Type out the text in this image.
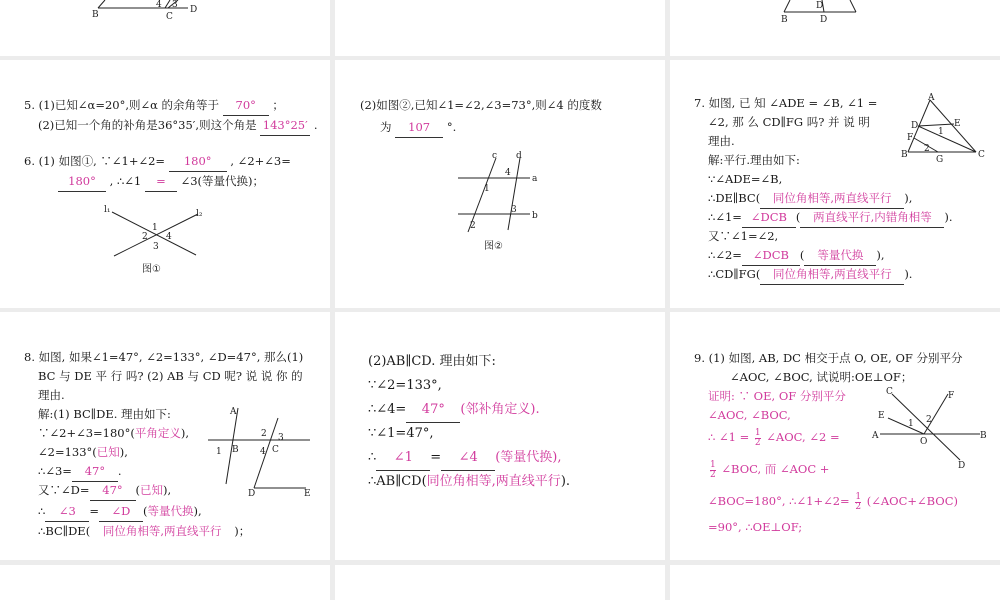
B
4 3
C
D
B
D
D
5. (1)已知∠α=20°,则∠α 的余角等于 70° ；
(2)已知一个角的补角是36°35′,则这个角是 143°25′ .
6. (1) 如图①, ∵∠1+∠2= 180° , ∠2+∠3=
180° , ∴∠1 = ∠3(等量代换)；
l₁	l₂
1
2
3
4
图①
(2)如图②,已知∠1=∠2,∠3=73°,则∠4 的度数
为 107 °.
c d
a
b
1
2
3
4
图②
7. 如图, 已 知 ∠ADE = ∠B, ∠1 =
∠2, 那 么 CD∥FG 吗? 并 说 明
理由.
解:平行.理由如下:
∵∠ADE=∠B,
∴DE∥BC( 同位角相等,两直线平行 ),
∴∠1= ∠DCB ( 两直线平行,内错角相等 ).
又∵∠1=∠2,
∴∠2= ∠DCB ( 等量代换 ),
∴CD∥FG( 同位角相等,两直线平行 ).
A
D	E
F
1
B	G
2
C
8. 如图, 如果∠1=47°, ∠2=133°, ∠D=47°, 那么(1)
BC 与 DE 平 行 吗? (2) AB 与 CD 呢? 说 说 你 的
理由.
解:(1) BC∥DE. 理由如下:
∵∠2+∠3=180°(平角定义),
∠2=133°(已知),
∴∠3= 47° .
又∵∠D= 47° (已知),
∴ ∠3 = ∠D (等量代换),
∴BC∥DE( 同位角相等,两直线平行 )；
A
2 3
1 B 4 C
D	E
(2)AB∥CD. 理由如下:
∵∠2=133°,
∴∠4= 47° (邻补角定义).
∵∠1=47°,
∴ ∠1 = ∠4 (等量代换),
∴AB∥CD(同位角相等,两直线平行).
9. (1) 如图, AB, DC 相交于点 O, OE, OF 分别平分
∠AOC, ∠BOC, 试说明:OE⊥OF；
证明: ∵ OE, OF 分别平分
∠AOC, ∠BOC,
∴ ∠1 = $\frac{1}{2}$ ∠AOC, ∠2 =
$\frac{1}{2}$ ∠BOC, 而 ∠AOC +
∠BOC=180°, ∴∠1+∠2= $\frac{1}{2}$ (∠AOC+∠BOC)
=90°, ∴OE⊥OF;
C	F
E
1 2
A
O
B
D
